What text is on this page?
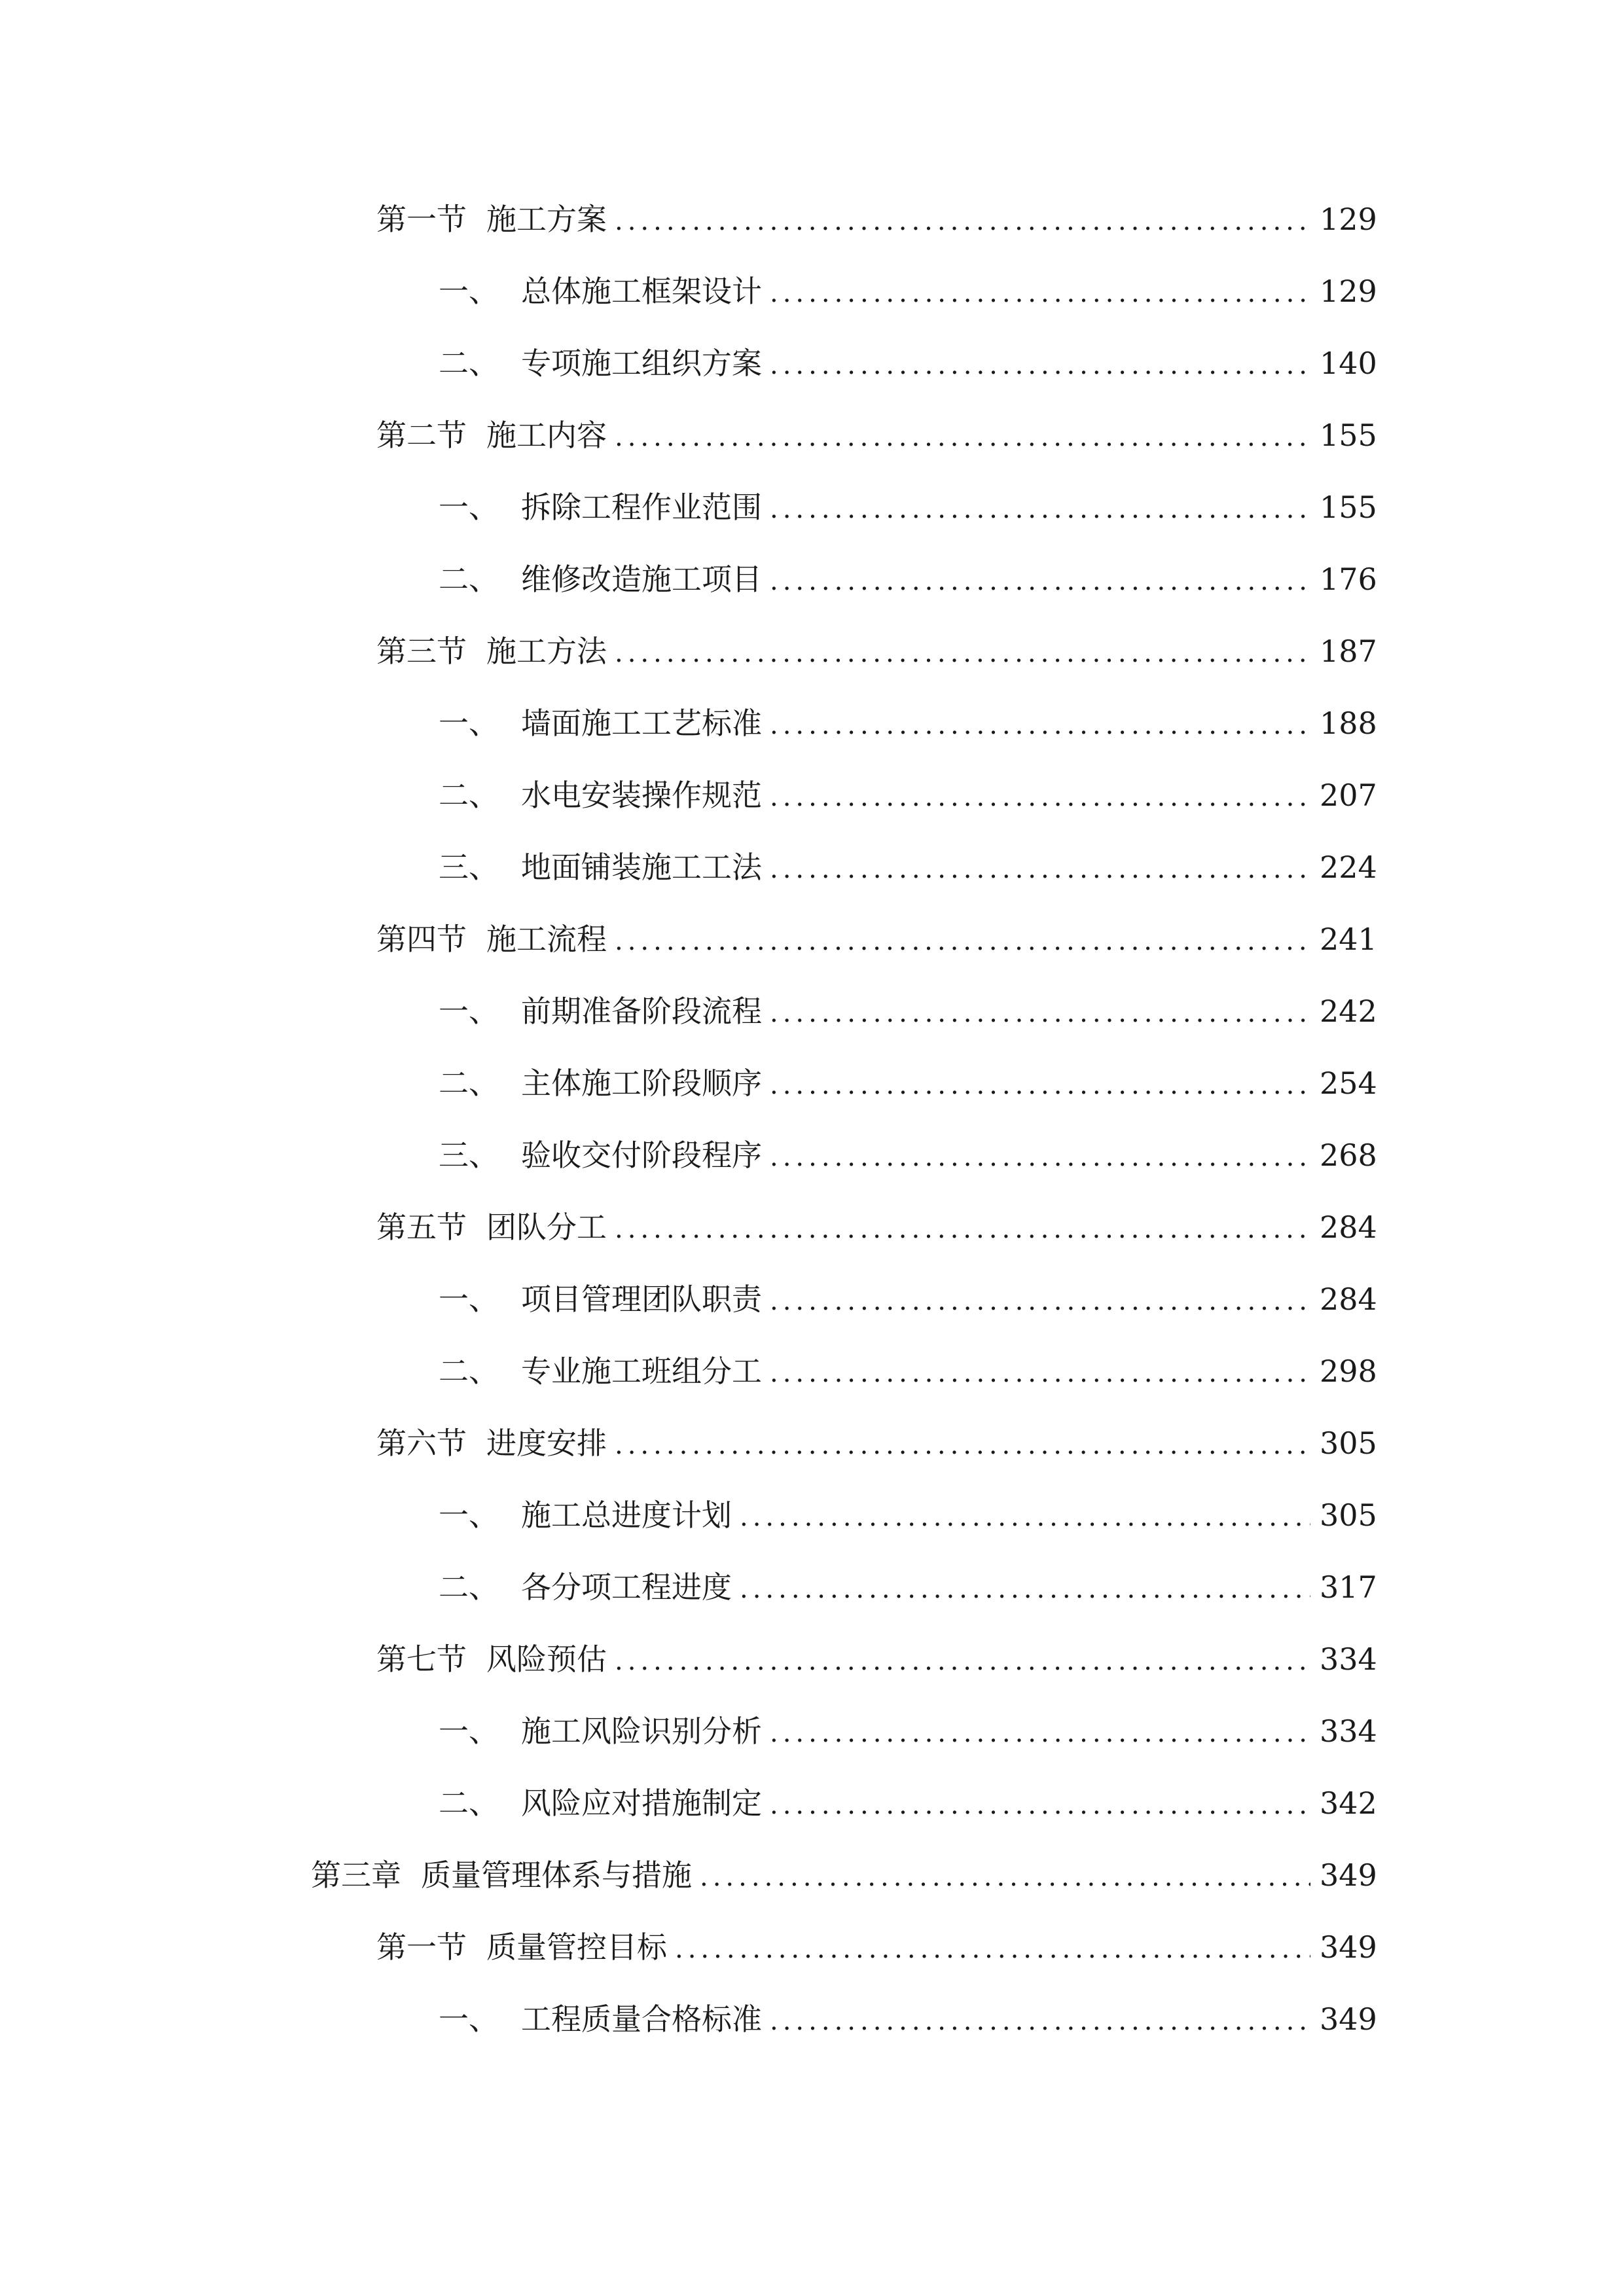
第一节 施工方案 .....	129
一、 总体施工框架设计 .....	129
二、 专项施工组织方案 .....	140
第二节 施工内容 .....	155
一、 拆除工程作业范围 .....	155
二、 维修改造施工项目 .....	176
第三节 施工方法 .....	187
一、 墙面施工工艺标准 .....	188
二、 水电安装操作规范 .....	207
三、 地面铺装施工工法 .....	224
第四节 施工流程 .....	241
一、 前期准备阶段流程 .....	242
二、 主体施工阶段顺序 .....	254
三、 验收交付阶段程序 .....	268
第五节 团队分工 .....	284
一、 项目管理团队职责 .....	284
二、 专业施工班组分工 .....	298
第六节 进度安排 .....	305
一、 施工总进度计划 .....	305
二、 各分项工程进度 .....	317
第七节 风险预估 .....	334
一、 施工风险识别分析 .....	334
二、 风险应对措施制定 .....	342
第三章 质量管理体系与措施 .....	349
第一节 质量管控目标 .....	349
一、 工程质量合格标准 .....	349
